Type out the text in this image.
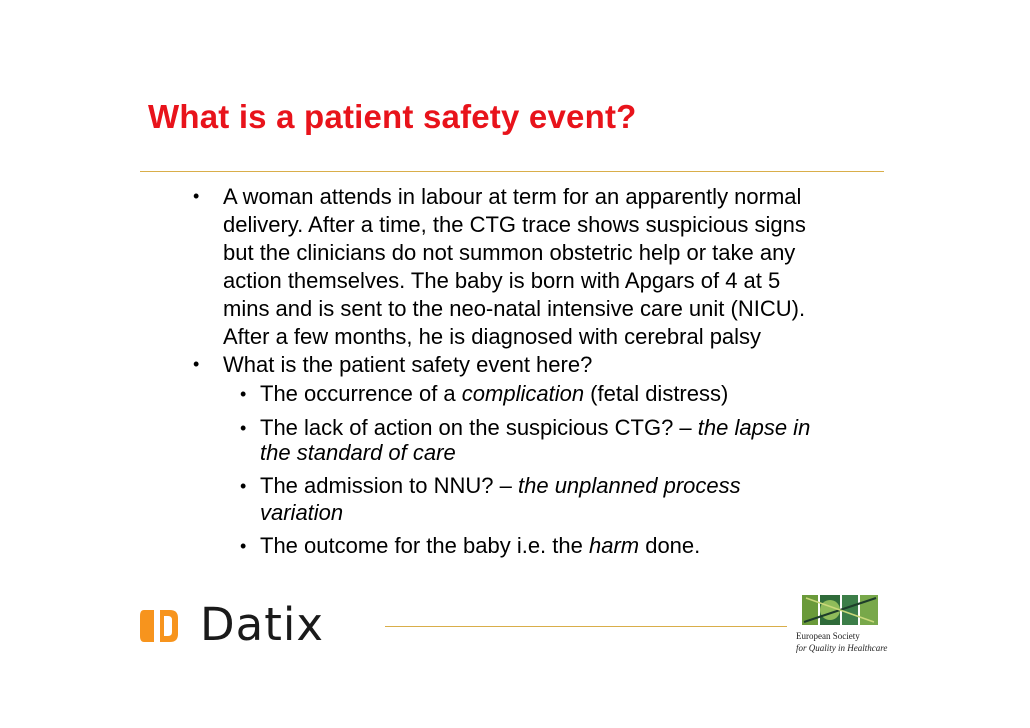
What is a patient safety event?
• A woman attends in labour at term for an apparently normal
delivery. After a time, the CTG trace shows suspicious signs
but the clinicians do not summon obstetric help or take any
action themselves. The baby is born with Apgars of 4 at 5
mins and is sent to the neo-natal intensive care unit (NICU).
After a few months, he is diagnosed with cerebral palsy
• What is the patient safety event here?
• The occurrence of a complication (fetal distress)
• The lack of action on the suspicious CTG? – the lapse in
the standard of care
• The admission to NNU? – the unplanned process
variation
• The outcome for the baby i.e. the harm done.
Datix	European Society
for Quality in Healthcare
